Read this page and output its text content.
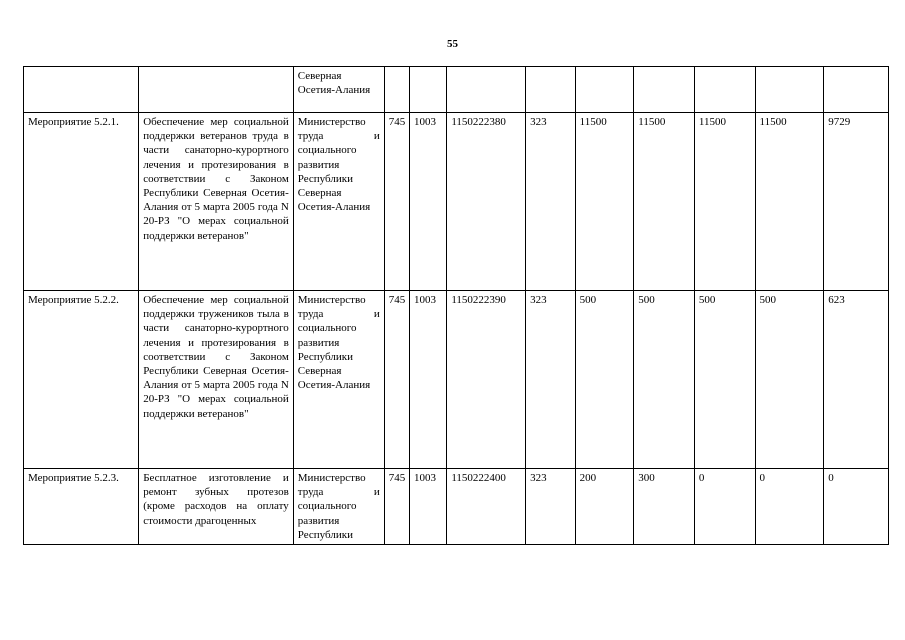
55
		Северная Осетия-Алания									
Мероприятие 5.2.1.	Обеспечение мер социальной поддержки ветеранов труда в части санаторно-курортного лечения и протезирования в соответствии с Законом Республики Северная Осетия-Алания от 5 марта 2005 года N 20-РЗ "О мерах социальной поддержки ветеранов"	Министерство труда и социального развития Республики Северная Осетия-Алания	745	1003	1150222380	323	11500	11500	11500	11500	9729
Мероприятие 5.2.2.	Обеспечение мер социальной поддержки тружеников тыла в части санаторно-курортного лечения и протезирования в соответствии с Законом Республики Северная Осетия-Алания от 5 марта 2005 года N 20-РЗ "О мерах социальной поддержки ветеранов"	Министерство труда и социального развития Республики Северная Осетия-Алания	745	1003	1150222390	323	500	500	500	500	623
Мероприятие 5.2.3.	Бесплатное изготовление и ремонт зубных протезов (кроме расходов на оплату стоимости драгоценных	Министерство труда и социального развития Республики	745	1003	1150222400	323	200	300	0	0	0
